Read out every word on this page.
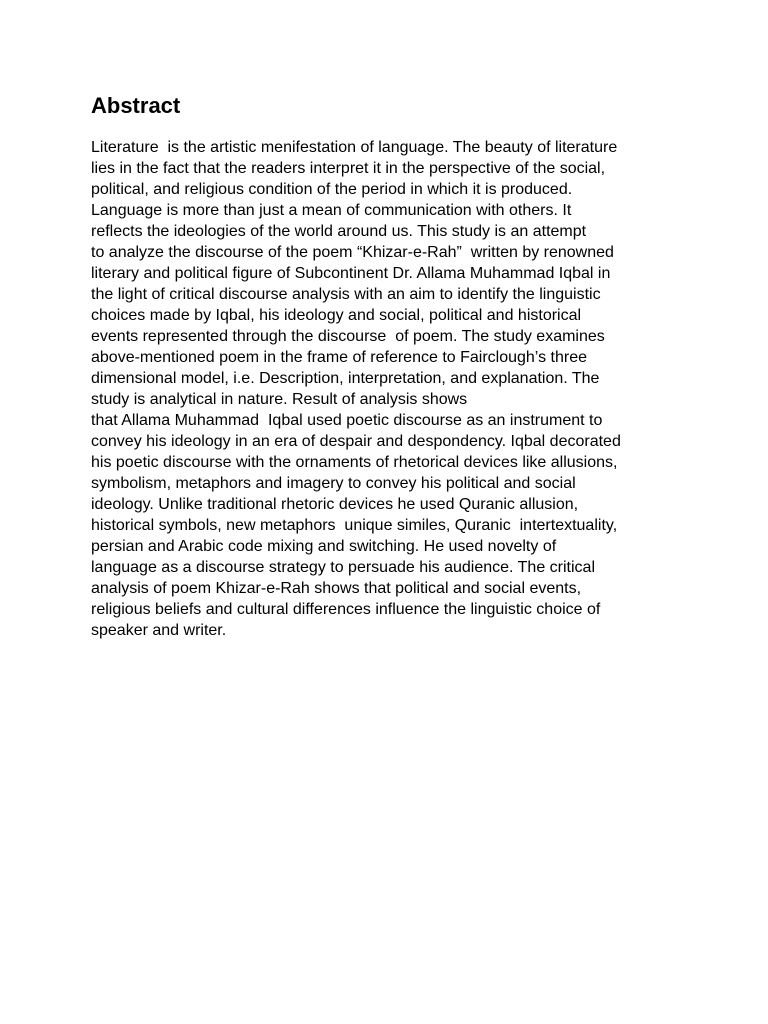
Abstract
Literature  is the artistic menifestation of language. The beauty of literature
lies in the fact that the readers interpret it in the perspective of the social,
political, and religious condition of the period in which it is produced.
Language is more than just a mean of communication with others. It
reflects the ideologies of the world around us. This study is an attempt
to analyze the discourse of the poem “Khizar-e-Rah”  written by renowned
literary and political figure of Subcontinent Dr. Allama Muhammad Iqbal in
the light of critical discourse analysis with an aim to identify the linguistic
choices made by Iqbal, his ideology and social, political and historical
events represented through the discourse  of poem. The study examines
above-mentioned poem in the frame of reference to Fairclough’s three
dimensional model, i.e. Description, interpretation, and explanation. The
study is analytical in nature. Result of analysis shows
that Allama Muhammad  Iqbal used poetic discourse as an instrument to
convey his ideology in an era of despair and despondency. Iqbal decorated
his poetic discourse with the ornaments of rhetorical devices like allusions,
symbolism, metaphors and imagery to convey his political and social
ideology. Unlike traditional rhetoric devices he used Quranic allusion,
historical symbols, new metaphors  unique similes, Quranic  intertextuality,
persian and Arabic code mixing and switching. He used novelty of
language as a discourse strategy to persuade his audience. The critical
analysis of poem Khizar-e-Rah shows that political and social events,
religious beliefs and cultural differences influence the linguistic choice of
speaker and writer.
